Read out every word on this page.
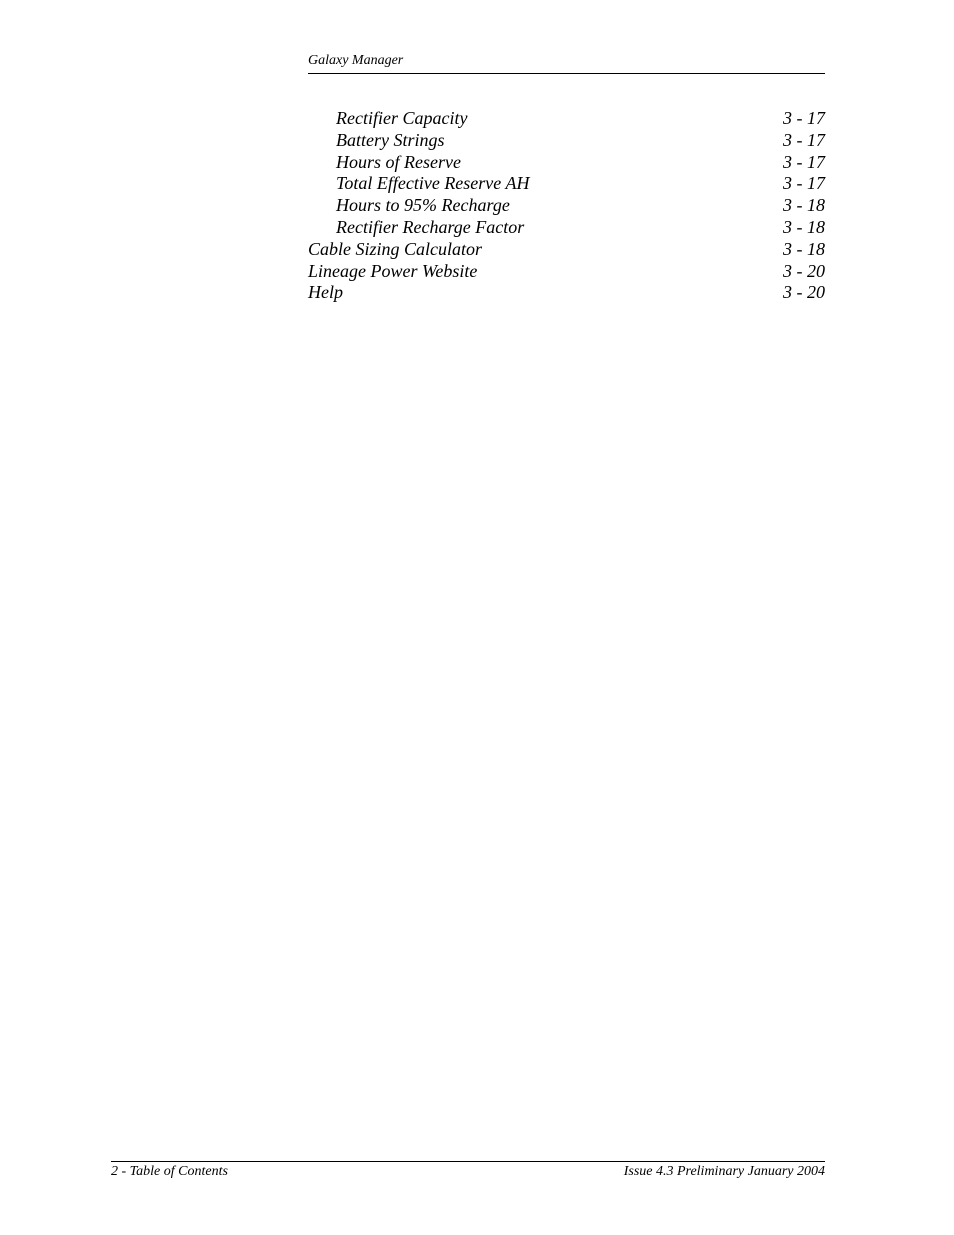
Galaxy Manager
Rectifier Capacity	3 - 17
Battery Strings	3 - 17
Hours of Reserve	3 - 17
Total Effective Reserve AH	3 - 17
Hours to 95% Recharge	3 - 18
Rectifier Recharge Factor	3 - 18
Cable Sizing Calculator	3 - 18
Lineage Power Website	3 - 20
Help	3 - 20
2 - Table of Contents	Issue 4.3 Preliminary January 2004
